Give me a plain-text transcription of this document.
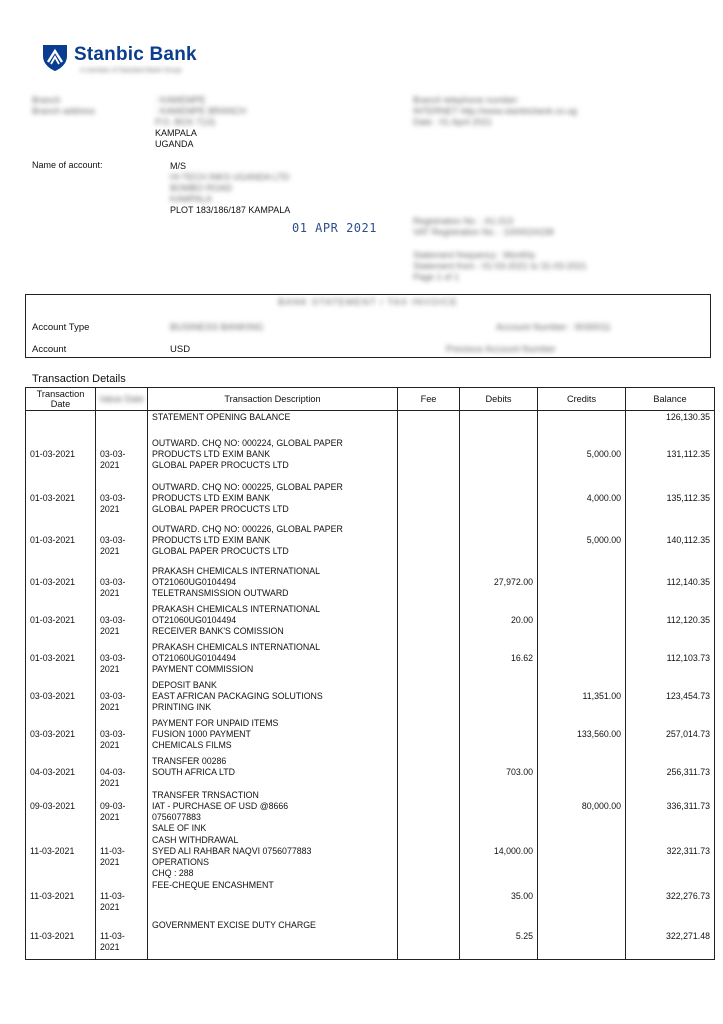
Stanbic Bank
A member of Standard Bank Group
Branch	: KAWEMPE
Branch address	: KAWEMPE BRANCH
P.O. BOX 7131
KAMPALA
UGANDA
Name of account:	M/S
HI-TECH INKS UGANDA LTD
BOMBO ROAD
KAMPALA
PLOT 183/186/187 KAMPALA
Branch telephone number:
INTERNET http://www.stanbicbank.co.ug
Date : 01 April 2021
Registration No. : A1.013
VAT Registration No. : 1000024158
Statement frequency : Monthly
Statement from : 01-03-2021 to 31-03-2021
Page 1 of 1
01 APR 2021
BANK STATEMENT / TAX INVOICE
Account Type	BUSINESS BANKING	Account Number : 9030011
Account	USD	Previous Account Number
Transaction Details
Transaction Date	Value Date	Transaction Description	Fee	Debits	Credits	Balance

		STATEMENT OPENING BALANCE				126,130.35
01-03-2021	03-03-2021	OUTWARD. CHQ NO: 000224, GLOBAL PAPER
PRODUCTS LTD EXIM BANK
GLOBAL PAPER PROCUCTS LTD			5,000.00	131,112.35
01-03-2021	03-03-2021	OUTWARD. CHQ NO: 000225, GLOBAL PAPER
PRODUCTS LTD EXIM BANK
GLOBAL PAPER PROCUCTS LTD			4,000.00	135,112.35
01-03-2021	03-03-2021	OUTWARD. CHQ NO: 000226, GLOBAL PAPER
PRODUCTS LTD EXIM BANK
GLOBAL PAPER PROCUCTS LTD			5,000.00	140,112.35
01-03-2021	03-03-2021	PRAKASH CHEMICALS INTERNATIONAL
OT21060UG0104494
TELETRANSMISSION OUTWARD		27,972.00		112,140.35
01-03-2021	03-03-2021	PRAKASH CHEMICALS INTERNATIONAL
OT21060UG0104494
RECEIVER BANK'S COMISSION		20.00		112,120.35
01-03-2021	03-03-2021	PRAKASH CHEMICALS INTERNATIONAL
OT21060UG0104494
PAYMENT COMMISSION		16.62		112,103.73
03-03-2021	03-03-2021	DEPOSIT BANK
EAST AFRICAN PACKAGING SOLUTIONS
PRINTING INK			11,351.00	123,454.73
03-03-2021	03-03-2021	PAYMENT FOR UNPAID ITEMS
FUSION 1000 PAYMENT
CHEMICALS FILMS			133,560.00	257,014.73
04-03-2021	04-03-2021	TRANSFER 00286
SOUTH AFRICA LTD		703.00		256,311.73
09-03-2021	09-03-2021	TRANSFER TRNSACTION
IAT - PURCHASE OF USD @8666
0756077883
SALE OF INK			80,000.00	336,311.73
11-03-2021	11-03-2021	CASH WITHDRAWAL
SYED ALI RAHBAR NAQVI 0756077883
OPERATIONS
CHQ : 288		14,000.00		322,311.73
11-03-2021	11-03-2021	FEE-CHEQUE ENCASHMENT		35.00		322,276.73
11-03-2021	11-03-2021	GOVERNMENT EXCISE DUTY CHARGE		5.25		322,271.48
